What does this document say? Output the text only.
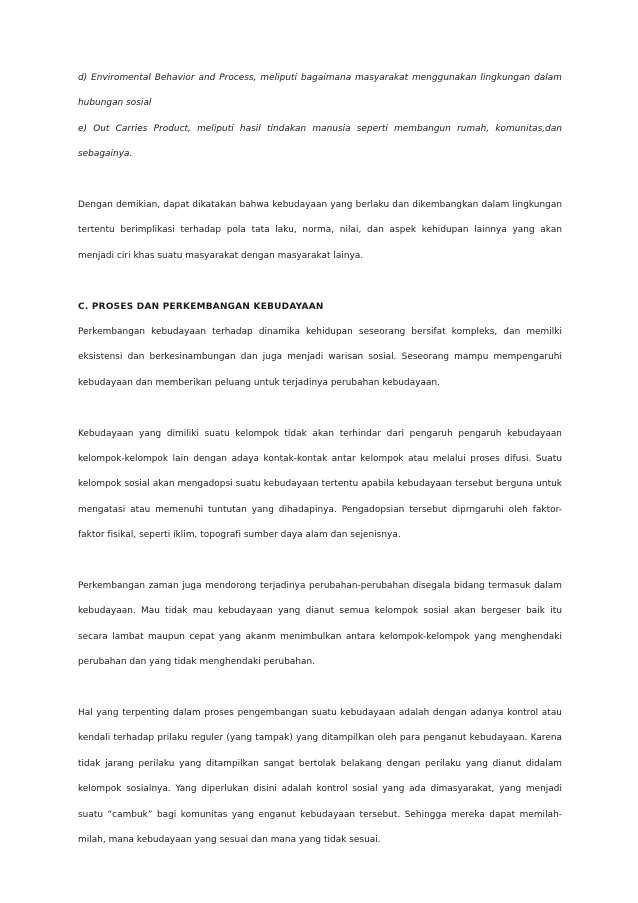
d) Enviromental Behavior and Process, meliputi bagaimana masyarakat menggunakan lingkungan dalam hubungan sosial

e) Out Carries Product, meliputi hasil tindakan manusia seperti membangun rumah, komunitas,dan sebagainya.

Dengan demikian, dapat dikatakan bahwa kebudayaan yang berlaku dan dikembangkan dalam lingkungan tertentu berimplikasi terhadap pola tata laku, norma, nilai, dan aspek kehidupan lainnya yang akan menjadi ciri khas suatu masyarakat dengan masyarakat lainya.

C. PROSES DAN PERKEMBANGAN KEBUDAYAAN

Perkembangan kebudayaan terhadap dinamika kehidupan seseorang bersifat kompleks, dan memilki eksistensi dan berkesinambungan dan juga menjadi warisan sosial. Seseorang mampu mempengaruhi kebudayaan dan memberikan peluang untuk terjadinya perubahan kebudayaan.

Kebudayaan yang dimiliki suatu kelompok tidak akan terhindar dari pengaruh pengaruh kebudayaan kelompok-kelompok lain dengan adaya kontak-kontak antar kelompok atau melalui proses difusi. Suatu kelompok sosial akan mengadopsi suatu kebudayaan tertentu apabila kebudayaan tersebut berguna untuk mengatasi atau memenuhi tuntutan yang dihadapinya. Pengadopsian tersebut diprngaruhi oleh faktor-faktor fisikal, seperti iklim, topografi sumber daya alam dan sejenisnya.

Perkembangan zaman juga mendorong terjadinya perubahan-perubahan disegala bidang termasuk dalam kebudayaan. Mau tidak mau kebudayaan yang dianut semua kelompok sosial akan bergeser baik itu secara lambat maupun cepat yang akanm menimbulkan antara kelompok-kelompok yang menghendaki perubahan dan yang tidak menghendaki perubahan.

Hal yang terpenting dalam proses pengembangan suatu kebudayaan adalah dengan adanya kontrol atau kendali terhadap prilaku reguler (yang tampak) yang ditampilkan oleh para penganut kebudayaan. Karena tidak jarang perilaku yang ditampilkan sangat bertolak belakang dengan perilaku yang dianut didalam kelompok sosialnya. Yang diperlukan disini adalah kontrol sosial yang ada dimasyarakat, yang menjadi suatu “cambuk” bagi komunitas yang enganut kebudayaan tersebut. Sehingga mereka dapat memilah-milah, mana kebudayaan yang sesuai dan mana yang tidak sesuai.
